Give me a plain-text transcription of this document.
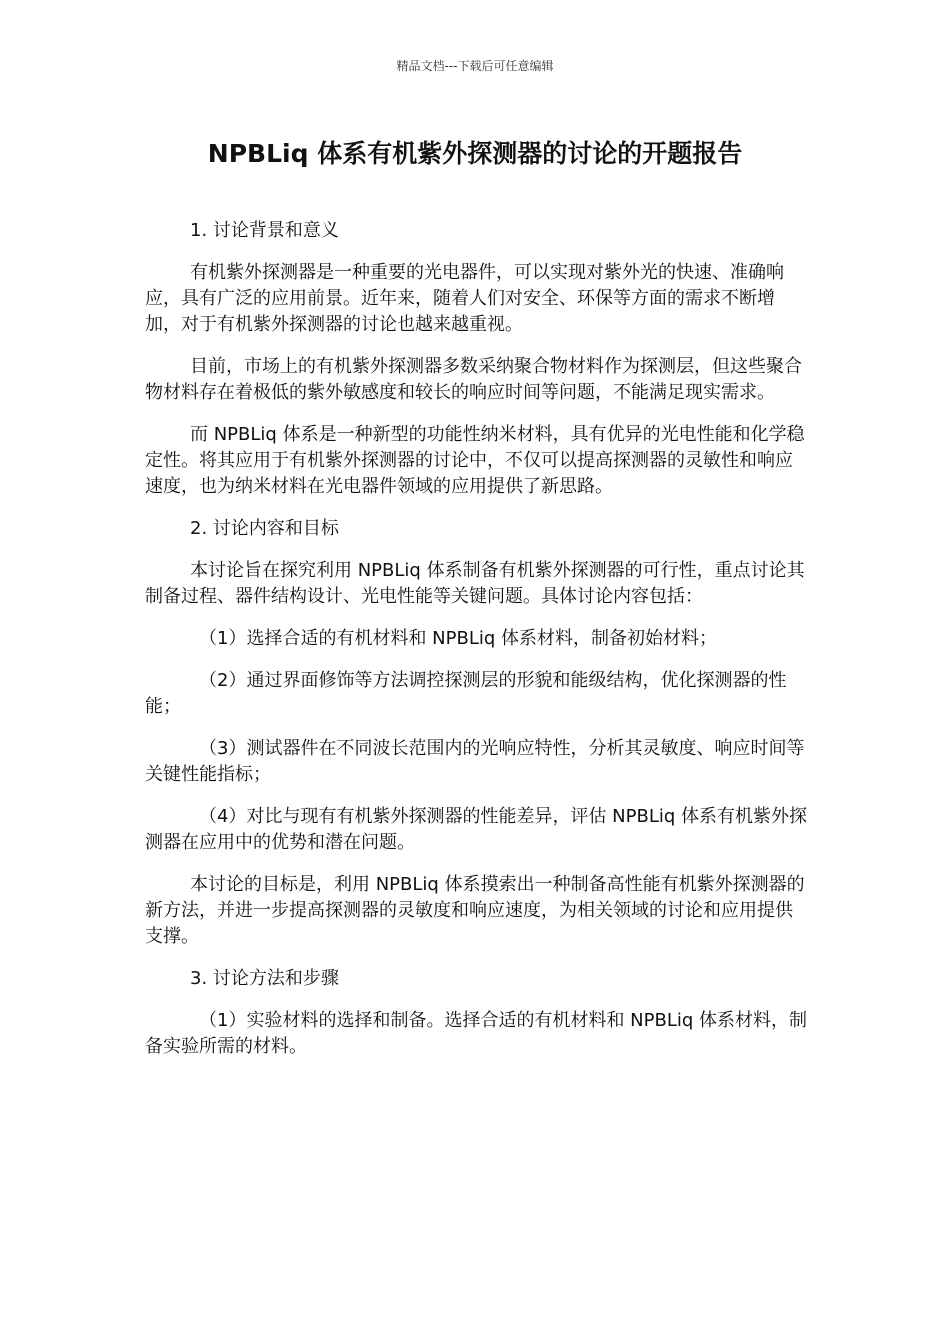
精品文档---下载后可任意编辑
NPBLiq 体系有机紫外探测器的讨论的开题报告

1. 讨论背景和意义

有机紫外探测器是一种重要的光电器件，可以实现对紫外光的快速、准确响应，具有广泛的应用前景。近年来，随着人们对安全、环保等方面的需求不断增加，对于有机紫外探测器的讨论也越来越重视。

目前，市场上的有机紫外探测器多数采纳聚合物材料作为探测层，但这些聚合物材料存在着极低的紫外敏感度和较长的响应时间等问题，不能满足现实需求。

而 NPBLiq 体系是一种新型的功能性纳米材料，具有优异的光电性能和化学稳定性。将其应用于有机紫外探测器的讨论中，不仅可以提高探测器的灵敏性和响应速度，也为纳米材料在光电器件领域的应用提供了新思路。

2. 讨论内容和目标

本讨论旨在探究利用 NPBLiq 体系制备有机紫外探测器的可行性，重点讨论其制备过程、器件结构设计、光电性能等关键问题。具体讨论内容包括：

（1）选择合适的有机材料和 NPBLiq 体系材料，制备初始材料；

（2）通过界面修饰等方法调控探测层的形貌和能级结构，优化探测器的性能；

（3）测试器件在不同波长范围内的光响应特性，分析其灵敏度、响应时间等关键性能指标；

（4）对比与现有有机紫外探测器的性能差异，评估 NPBLiq 体系有机紫外探测器在应用中的优势和潜在问题。

本讨论的目标是，利用 NPBLiq 体系摸索出一种制备高性能有机紫外探测器的新方法，并进一步提高探测器的灵敏度和响应速度，为相关领域的讨论和应用提供支撑。

3. 讨论方法和步骤

（1）实验材料的选择和制备。选择合适的有机材料和 NPBLiq 体系材料，制备实验所需的材料。
